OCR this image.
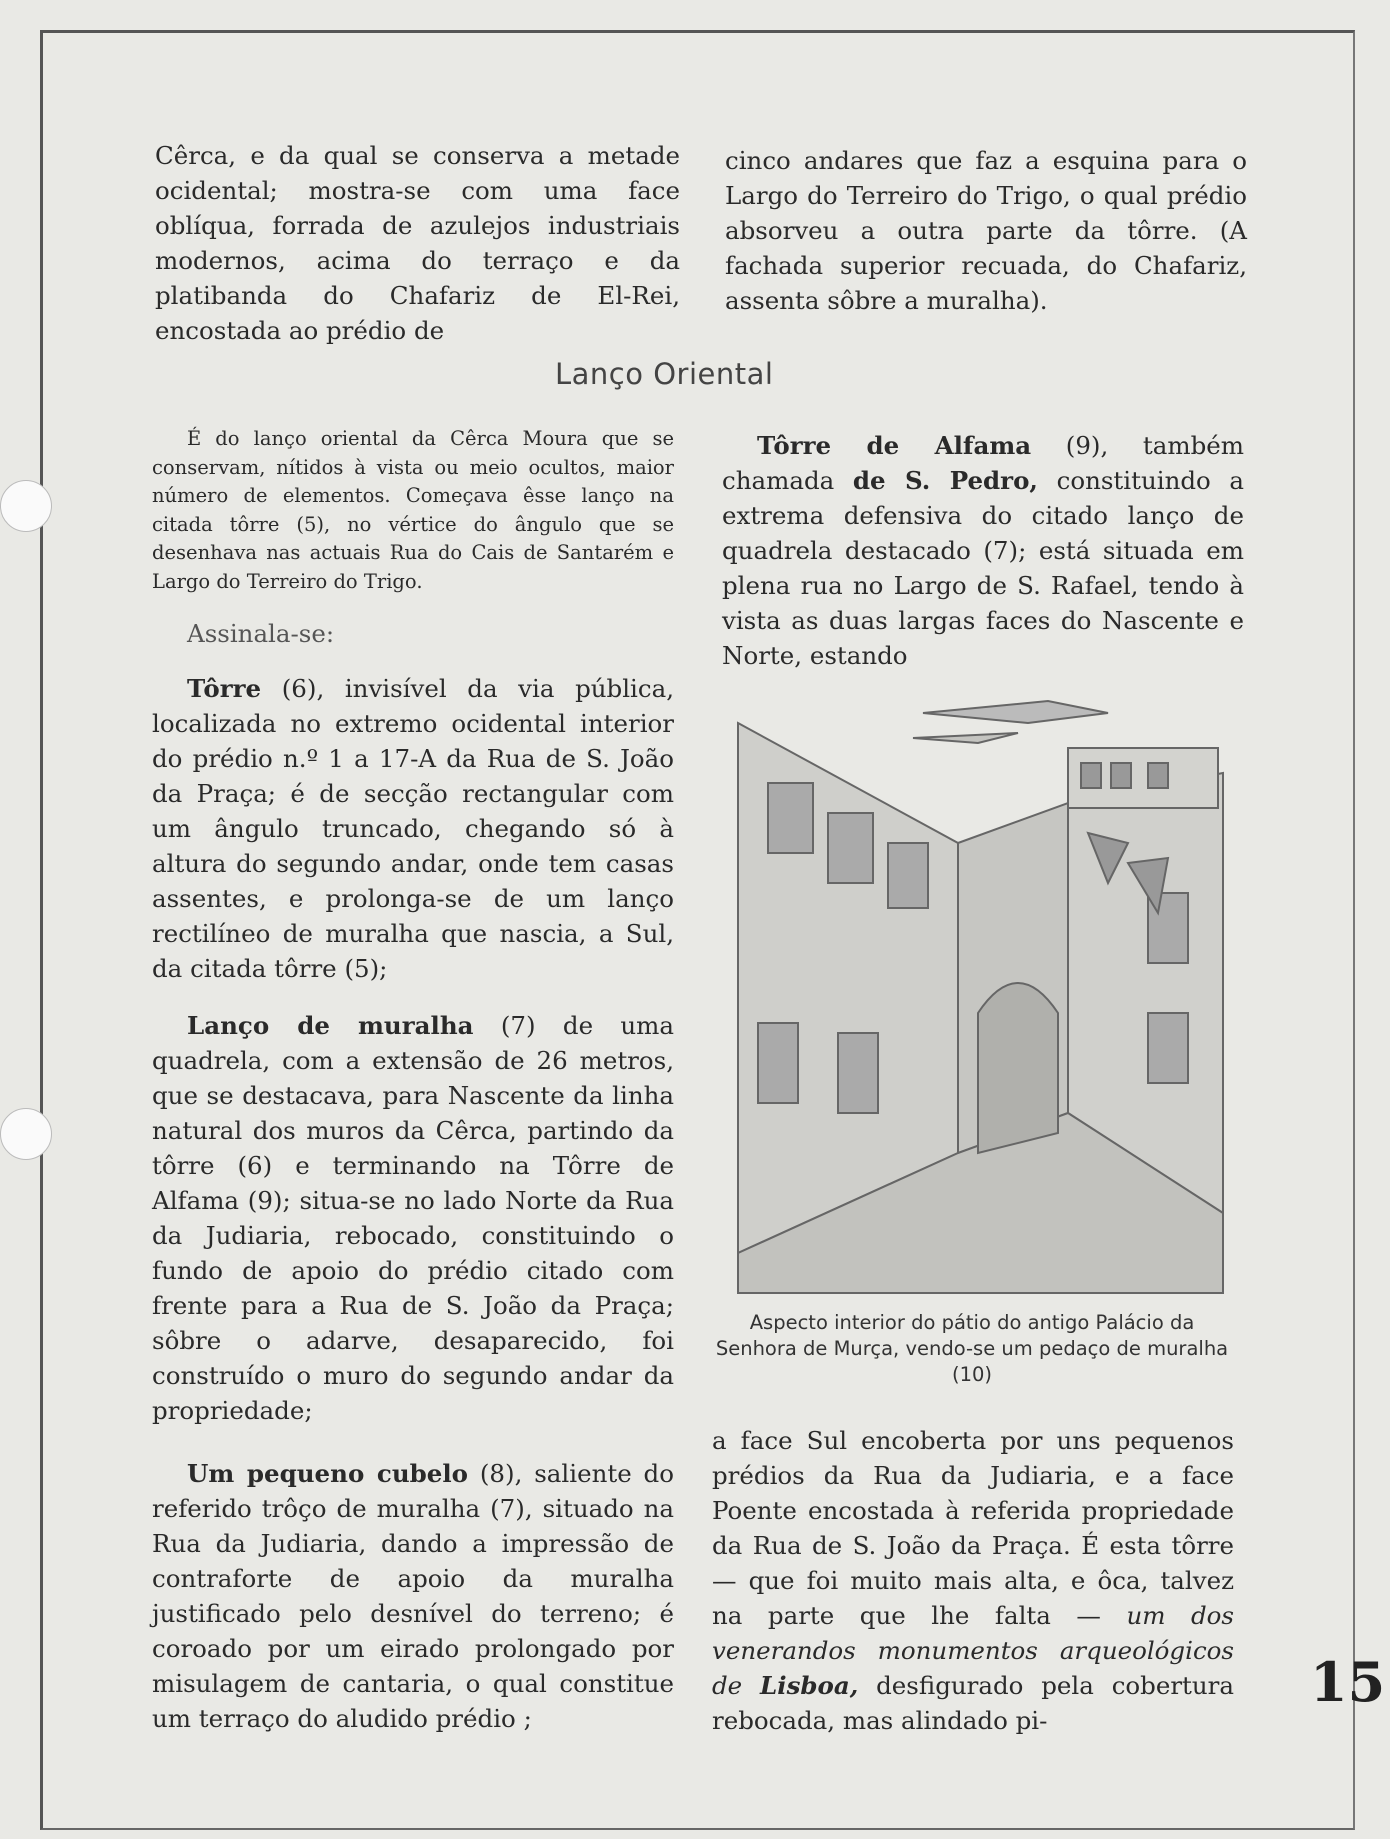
Cêrca, e da qual se conserva a metade ocidental; mostra-se com uma face oblíqua, forrada de azulejos industriais modernos, acima do terraço e da platibanda do Chafariz de El-Rei, encostada ao prédio de

cinco andares que faz a esquina para o Largo do Terreiro do Trigo, o qual prédio absorveu a outra parte da tôrre. (A fachada superior recuada, do Chafariz, assenta sôbre a muralha).

Lanço Oriental

É do lanço oriental da Cêrca Moura que se conservam, nítidos à vista ou meio ocultos, maior número de elementos. Começava êsse lanço na citada tôrre (5), no vértice do ângulo que se desenhava nas actuais Rua do Cais de Santarém e Largo do Terreiro do Trigo.

Assinala-se:

Tôrre (6), invisível da via pública, localizada no extremo ocidental interior do prédio n.º 1 a 17-A da Rua de S. João da Praça; é de secção rectangular com um ângulo truncado, chegando só à altura do segundo andar, onde tem casas assentes, e prolonga-se de um lanço rectilíneo de muralha que nascia, a Sul, da citada tôrre (5);

Lanço de muralha (7) de uma quadrela, com a extensão de 26 metros, que se destacava, para Nascente da linha natural dos muros da Cêrca, partindo da tôrre (6) e terminando na Tôrre de Alfama (9); situa-se no lado Norte da Rua da Judiaria, rebocado, constituindo o fundo de apoio do prédio citado com frente para a Rua de S. João da Praça; sôbre o adarve, desaparecido, foi construído o muro do segundo andar da propriedade;

Um pequeno cubelo (8), saliente do referido trôço de muralha (7), situado na Rua da Judiaria, dando a impressão de contraforte de apoio da muralha justificado pelo desnível do terreno; é coroado por um eirado prolongado por misulagem de cantaria, o qual constitue um terraço do aludido prédio ;

Tôrre de Alfama (9), também chamada de S. Pedro, constituindo a extrema defensiva do citado lanço de quadrela destacado (7); está situada em plena rua no Largo de S. Rafael, tendo à vista as duas largas faces do Nascente e Norte, estando

Aspecto interior do pátio do antigo Palácio da Senhora de Murça, vendo-se um pedaço de muralha (10)

a face Sul encoberta por uns pequenos prédios da Rua da Judiaria, e a face Poente encostada à referida propriedade da Rua de S. João da Praça. É esta tôrre — que foi muito mais alta, e ôca, talvez na parte que lhe falta — um dos venerandos monumentos arqueológicos de Lisboa, desfigurado pela cobertura rebocada, mas alindado pi-

15
